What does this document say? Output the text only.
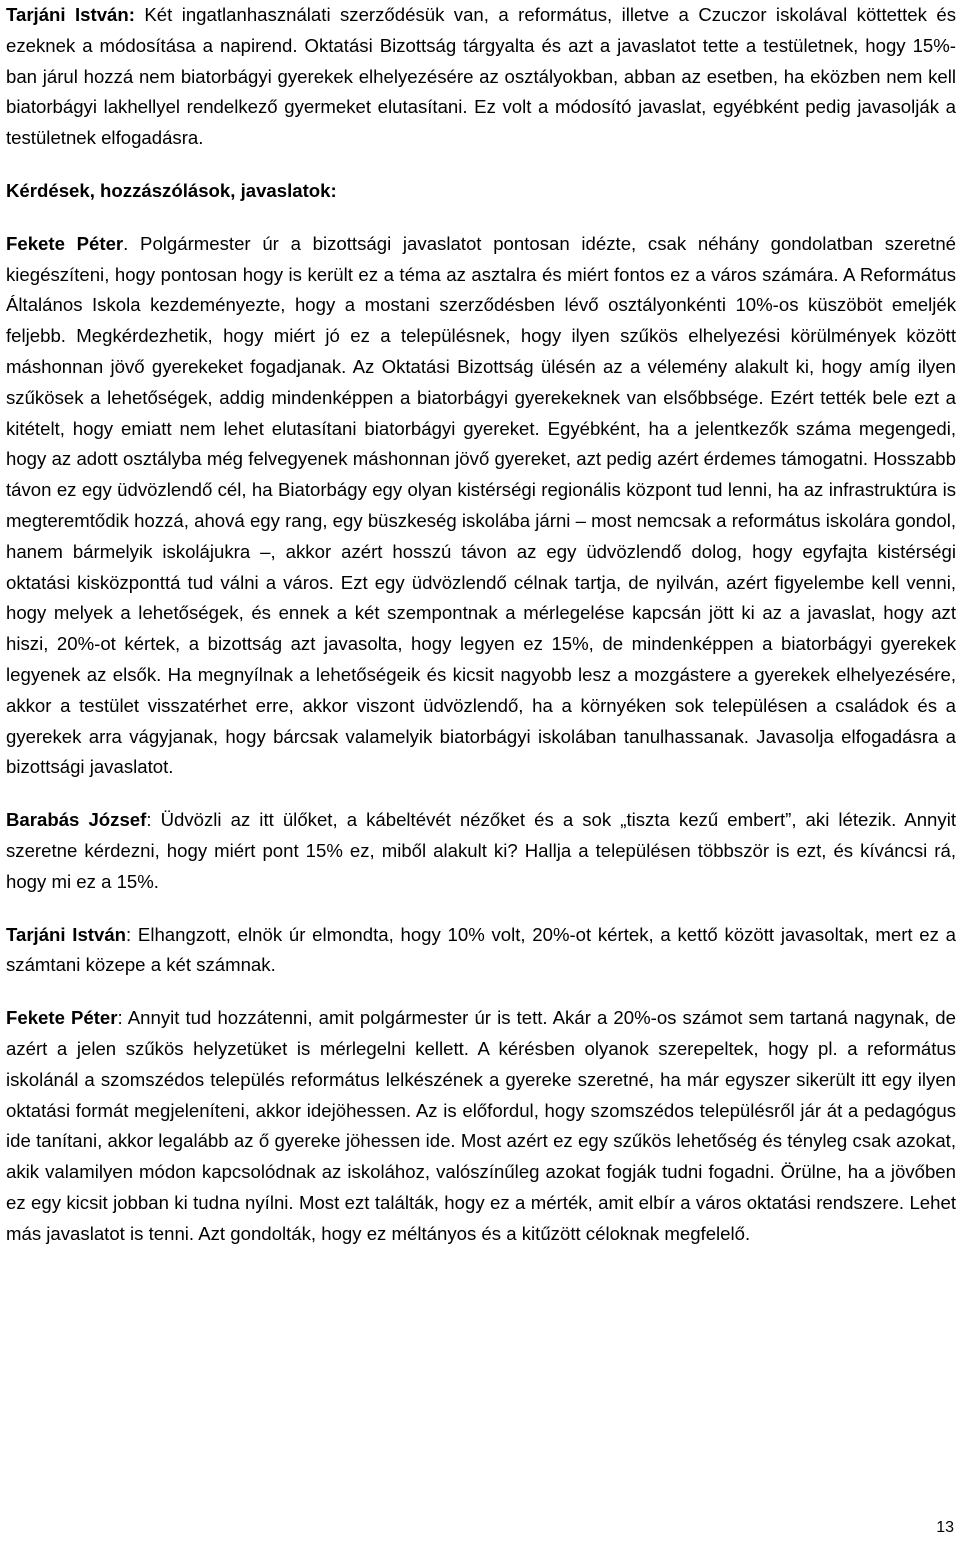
Tarjáni István: Két ingatlanhasználati szerződésük van, a református, illetve a Czuczor iskolával köttettek és ezeknek a módosítása a napirend. Oktatási Bizottság tárgyalta és azt a javaslatot tette a testületnek, hogy 15%-ban járul hozzá nem biatorbágyi gyerekek elhelyezésére az osztályokban, abban az esetben, ha eközben nem kell biatorbágyi lakhellyel rendelkező gyermeket elutasítani. Ez volt a módosító javaslat, egyébként pedig javasolják a testületnek elfogadásra.

Kérdések, hozzászólások, javaslatok:

Fekete Péter. Polgármester úr a bizottsági javaslatot pontosan idézte, csak néhány gondolatban szeretné kiegészíteni, hogy pontosan hogy is került ez a téma az asztalra és miért fontos ez a város számára. A Református Általános Iskola kezdeményezte, hogy a mostani szerződésben lévő osztályonkénti 10%-os küszöböt emeljék feljebb. Megkérdezhetik, hogy miért jó ez a településnek, hogy ilyen szűkös elhelyezési körülmények között máshonnan jövő gyerekeket fogadjanak. Az Oktatási Bizottság ülésén az a vélemény alakult ki, hogy amíg ilyen szűkösek a lehetőségek, addig mindenképpen a biatorbágyi gyerekeknek van elsőbbsége. Ezért tették bele ezt a kitételt, hogy emiatt nem lehet elutasítani biatorbágyi gyereket. Egyébként, ha a jelentkezők száma megengedi, hogy az adott osztályba még felvegyenek máshonnan jövő gyereket, azt pedig azért érdemes támogatni. Hosszabb távon ez egy üdvözlendő cél, ha Biatorbágy egy olyan kistérségi regionális központ tud lenni, ha az infrastruktúra is megteremtődik hozzá, ahová egy rang, egy büszkeség iskolába járni – most nemcsak a református iskolára gondol, hanem bármelyik iskolájukra –, akkor azért hosszú távon az egy üdvözlendő dolog, hogy egyfajta kistérségi oktatási kisközponttá tud válni a város. Ezt egy üdvözlendő célnak tartja, de nyilván, azért figyelembe kell venni, hogy melyek a lehetőségek, és ennek a két szempontnak a mérlegelése kapcsán jött ki az a javaslat, hogy azt hiszi, 20%-ot kértek, a bizottság azt javasolta, hogy legyen ez 15%, de mindenképpen a biatorbágyi gyerekek legyenek az elsők. Ha megnyílnak a lehetőségeik és kicsit nagyobb lesz a mozgástere a gyerekek elhelyezésére, akkor a testület visszatérhet erre, akkor viszont üdvözlendő, ha a környéken sok településen a családok és a gyerekek arra vágyjanak, hogy bárcsak valamelyik biatorbágyi iskolában tanulhassanak. Javasolja elfogadásra a bizottsági javaslatot.

Barabás József: Üdvözli az itt ülőket, a kábeltévét nézőket és a sok „tiszta kezű embert”, aki létezik. Annyit szeretne kérdezni, hogy miért pont 15% ez, miből alakult ki? Hallja a településen többször is ezt, és kíváncsi rá, hogy mi ez a 15%.

Tarjáni István: Elhangzott, elnök úr elmondta, hogy 10% volt, 20%-ot kértek, a kettő között javasoltak, mert ez a számtani közepe a két számnak.

Fekete Péter: Annyit tud hozzátenni, amit polgármester úr is tett. Akár a 20%-os számot sem tartaná nagynak, de azért a jelen szűkös helyzetüket is mérlegelni kellett. A kérésben olyanok szerepeltek, hogy pl. a református iskolánál a szomszédos település református lelkészének a gyereke szeretné, ha már egyszer sikerült itt egy ilyen oktatási formát megjeleníteni, akkor idejöhessen. Az is előfordul, hogy szomszédos településről jár át a pedagógus ide tanítani, akkor legalább az ő gyereke jöhessen ide. Most azért ez egy szűkös lehetőség és tényleg csak azokat, akik valamilyen módon kapcsolódnak az iskolához, valószínűleg azokat fogják tudni fogadni. Örülne, ha a jövőben ez egy kicsit jobban ki tudna nyílni. Most ezt találták, hogy ez a mérték, amit elbír a város oktatási rendszere. Lehet más javaslatot is tenni. Azt gondolták, hogy ez méltányos és a kitűzött céloknak megfelelő.

13
